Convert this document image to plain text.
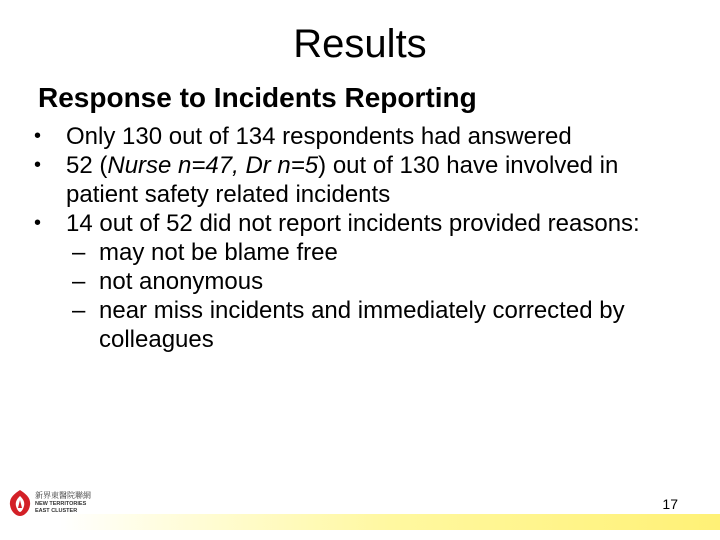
Results
Response to Incidents Reporting
•	Only 130 out of 134 respondents had answered
•	52 (Nurse n=47, Dr n=5) out of 130 have involved in patient safety related incidents
•	14 out of 52 did not report incidents provided reasons:
– may not be blame free
– not anonymous
– near miss incidents and immediately corrected by colleagues
17
新界東醫院聯網
NEW TERRITORIES
EAST CLUSTER
